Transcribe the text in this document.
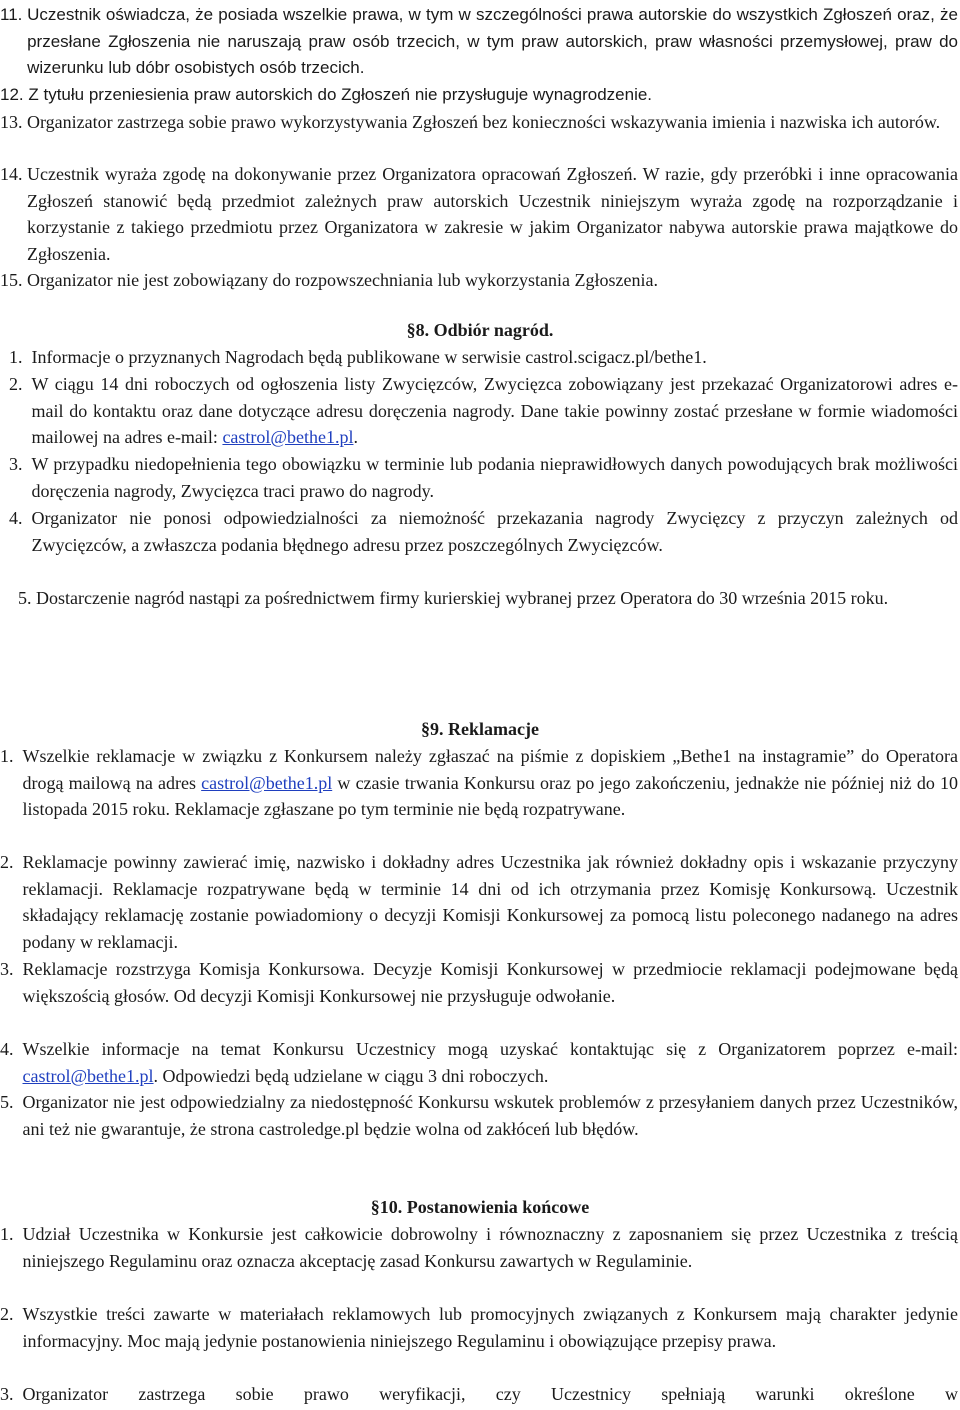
11. Uczestnik oświadcza, że posiada wszelkie prawa, w tym w szczególności prawa autorskie do wszystkich Zgłoszeń oraz, że przesłane Zgłoszenia nie naruszają praw osób trzecich, w tym praw autorskich, praw własności przemysłowej, praw do wizerunku lub dóbr osobistych osób trzecich.
12. Z tytułu przeniesienia praw autorskich do Zgłoszeń nie przysługuje wynagrodzenie.
13. Organizator zastrzega sobie prawo wykorzystywania Zgłoszeń bez konieczności wskazywania imienia i nazwiska ich autorów.
14. Uczestnik wyraża zgodę na dokonywanie przez Organizatora opracowań Zgłoszeń. W razie, gdy przeróbki i inne opracowania Zgłoszeń stanowić będą przedmiot zależnych praw autorskich Uczestnik niniejszym wyraża zgodę na rozporządzanie i korzystanie z takiego przedmiotu przez Organizatora w zakresie w jakim Organizator nabywa autorskie prawa majątkowe do Zgłoszenia.
15. Organizator nie jest zobowiązany do rozpowszechniania lub wykorzystania Zgłoszenia.
§8. Odbiór nagród.
1. Informacje o przyznanych Nagrodach będą publikowane w serwisie castrol.scigacz.pl/bethe1.
2. W ciągu 14 dni roboczych od ogłoszenia listy Zwycięzców, Zwycięzca zobowiązany jest przekazać Organizatorowi adres e-mail do kontaktu oraz dane dotyczące adresu doręczenia nagrody. Dane takie powinny zostać przesłane w formie wiadomości mailowej na adres e-mail: castrol@bethe1.pl.
3. W przypadku niedopełnienia tego obowiązku w terminie lub podania nieprawidłowych danych powodujących brak możliwości doręczenia nagrody, Zwycięzca traci prawo do nagrody.
4. Organizator nie ponosi odpowiedzialności za niemożność przekazania nagrody Zwycięzcy z przyczyn zależnych od Zwycięzców, a zwłaszcza podania błędnego adresu przez poszczególnych Zwycięzców.
5. Dostarczenie nagród nastąpi za pośrednictwem firmy kurierskiej wybranej przez Operatora do 30 września 2015 roku.
§9. Reklamacje
1. Wszelkie reklamacje w związku z Konkursem należy zgłaszać na piśmie z dopiskiem „Bethe1 na instagramie” do Operatora drogą mailową na adres castrol@bethe1.pl w czasie trwania Konkursu oraz po jego zakończeniu, jednakże nie później niż do 10 listopada 2015 roku. Reklamacje zgłaszane po tym terminie nie będą rozpatrywane.
2. Reklamacje powinny zawierać imię, nazwisko i dokładny adres Uczestnika jak również dokładny opis i wskazanie przyczyny reklamacji. Reklamacje rozpatrywane będą w terminie 14 dni od ich otrzymania przez Komisję Konkursową. Uczestnik składający reklamację zostanie powiadomiony o decyzji Komisji Konkursowej za pomocą listu poleconego nadanego na adres podany w reklamacji.
3. Reklamacje rozstrzyga Komisja Konkursowa. Decyzje Komisji Konkursowej w przedmiocie reklamacji podejmowane będą większością głosów. Od decyzji Komisji Konkursowej nie przysługuje odwołanie.
4. Wszelkie informacje na temat Konkursu Uczestnicy mogą uzyskać kontaktując się z Organizatorem poprzez e-mail: castrol@bethe1.pl. Odpowiedzi będą udzielane w ciągu 3 dni roboczych.
5. Organizator nie jest odpowiedzialny za niedostępność Konkursu wskutek problemów z przesyłaniem danych przez Uczestników, ani też nie gwarantuje, że strona castroledge.pl będzie wolna od zakłóceń lub błędów.
§10. Postanowienia końcowe
1. Udział Uczestnika w Konkursie jest całkowicie dobrowolny i równoznaczny z zaposnaniem się przez Uczestnika z treścią niniejszego Regulaminu oraz oznacza akceptację zasad Konkursu zawartych w Regulaminie.
2. Wszystkie treści zawarte w materiałach reklamowych lub promocyjnych związanych z Konkursem mają charakter jedynie informacyjny. Moc mają jedynie postanowienia niniejszego Regulaminu i obowiązujące przepisy prawa.
3. Organizator zastrzega sobie prawo weryfikacji, czy Uczestnicy spełniają warunki określone w
